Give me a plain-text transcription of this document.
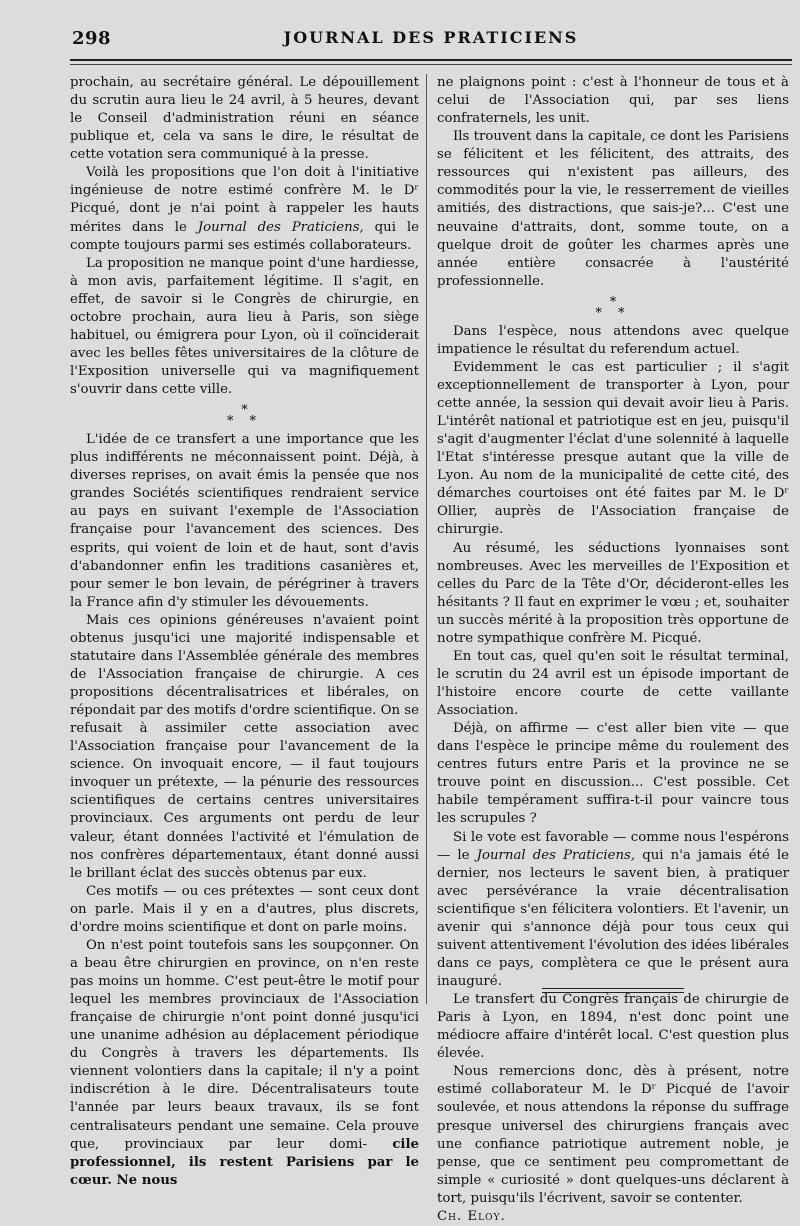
298	JOURNAL DES PRATICIENS

prochain, au secrétaire général. Le dépouillement du scrutin aura lieu le 24 avril, à 5 heures, devant le Conseil d'administration réuni en séance publique et, cela va sans le dire, le résultat de cette votation sera communiqué à la presse.

Voilà les propositions que l'on doit à l'initiative ingénieuse de notre estimé confrère M. le Dʳ Picqué, dont je n'ai point à rappeler les hauts mérites dans le Journal des Praticiens, qui le compte toujours parmi ses estimés collaborateurs.

La proposition ne manque point d'une hardiesse, à mon avis, parfaitement légitime. Il s'agit, en effet, de savoir si le Congrès de chirurgie, en octobre prochain, aura lieu à Paris, son siège habituel, ou émigrera pour Lyon, où il coïnciderait avec les belles fêtes universitaires de la clôture de l'Exposition universelle qui va magnifiquement s'ouvrir dans cette ville.

*
* *

L'idée de ce transfert a une importance que les plus indifférents ne méconnaissent point. Déjà, à diverses reprises, on avait émis la pensée que nos grandes Sociétés scientifiques rendraient service au pays en suivant l'exemple de l'Association française pour l'avancement des sciences. Des esprits, qui voient de loin et de haut, sont d'avis d'abandonner enfin les traditions casanières et, pour semer le bon levain, de pérégriner à travers la France afin d'y stimuler les dévouements.

Mais ces opinions généreuses n'avaient point obtenus jusqu'ici une majorité indispensable et statutaire dans l'Assemblée générale des membres de l'Association française de chirurgie. A ces propositions décentralisatrices et libérales, on répondait par des motifs d'ordre scientifique. On se refusait à assimiler cette association avec l'Association française pour l'avancement de la science. On invoquait encore, — il faut toujours invoquer un prétexte, — la pénurie des ressources scientifiques de certains centres universitaires provinciaux. Ces arguments ont perdu de leur valeur, étant données l'activité et l'émulation de nos confrères départementaux, étant donné aussi le brillant éclat des succès obtenus par eux.

Ces motifs — ou ces prétextes — sont ceux dont on parle. Mais il y en a d'autres, plus discrets, d'ordre moins scientifique et dont on parle moins.

On n'est point toutefois sans les soupçonner. On a beau être chirurgien en province, on n'en reste pas moins un homme. C'est peut-être le motif pour lequel les membres provinciaux de l'Association française de chirurgie n'ont point donné jusqu'ici une unanime adhésion au déplacement périodique du Congrès à travers les départements. Ils viennent volontiers dans la capitale; il n'y a point indiscrétion à le dire. Décentralisateurs toute l'année par leurs beaux travaux, ils se font centralisateurs pendant une semaine. Cela prouve que, provinciaux par leur domi- cile professionnel, ils restent Parisiens par le cœur. Ne nous

ne plaignons point : c'est à l'honneur de tous et à celui de l'Association qui, par ses liens confraternels, les unit.

Ils trouvent dans la capitale, ce dont les Parisiens se félicitent et les félicitent, des attraits, des ressources qui n'existent pas ailleurs, des commodités pour la vie, le resserrement de vieilles amitiés, des distractions, que sais-je?... C'est une neuvaine d'attraits, dont, somme toute, on a quelque droit de goûter les charmes après une année entière consacrée à l'austérité professionnelle.

*
* *

Dans l'espèce, nous attendons avec quelque impatience le résultat du referendum actuel.

Evidemment le cas est particulier ; il s'agit exceptionnellement de transporter à Lyon, pour cette année, la session qui devait avoir lieu à Paris. L'intérêt national et patriotique est en jeu, puisqu'il s'agit d'augmenter l'éclat d'une solennité à laquelle l'Etat s'intéresse presque autant que la ville de Lyon. Au nom de la municipalité de cette cité, des démarches courtoises ont été faites par M. le Dʳ Ollier, auprès de l'Association française de chirurgie.

Au résumé, les séductions lyonnaises sont nombreuses. Avec les merveilles de l'Exposition et celles du Parc de la Tête d'Or, décideront-elles les hésitants ? Il faut en exprimer le vœu ; et, souhaiter un succès mérité à la proposition très opportune de notre sympathique confrère M. Picqué.

En tout cas, quel qu'en soit le résultat terminal, le scrutin du 24 avril est un épisode important de l'histoire encore courte de cette vaillante Association.

Déjà, on affirme — c'est aller bien vite — que dans l'espèce le principe même du roulement des centres futurs entre Paris et la province ne se trouve point en discussion... C'est possible. Cet habile tempérament suffira-t-il pour vaincre tous les scrupules ?

Si le vote est favorable — comme nous l'espérons — le Journal des Praticiens, qui n'a jamais été le dernier, nos lecteurs le savent bien, à pratiquer avec persévérance la vraie décentralisation scientifique s'en félicitera volontiers. Et l'avenir, un avenir qui s'annonce déjà pour tous ceux qui suivent attentivement l'évolution des idées libérales dans ce pays, complètera ce que le présent aura inauguré.

Le transfert du Congrès français de chirurgie de Paris à Lyon, en 1894, n'est donc point une médiocre affaire d'intérêt local. C'est question plus élevée.

Nous remercions donc, dès à présent, notre estimé collaborateur M. le Dʳ Picqué de l'avoir soulevée, et nous attendons la réponse du suffrage presque universel des chirurgiens français avec une confiance patriotique autrement noble, je pense, que ce sentiment peu compromettant de simple « curiosité » dont quelques-uns déclarent à tort, puisqu'ils l'écrivent, savoir se contenter.

Ch. Eloy.
